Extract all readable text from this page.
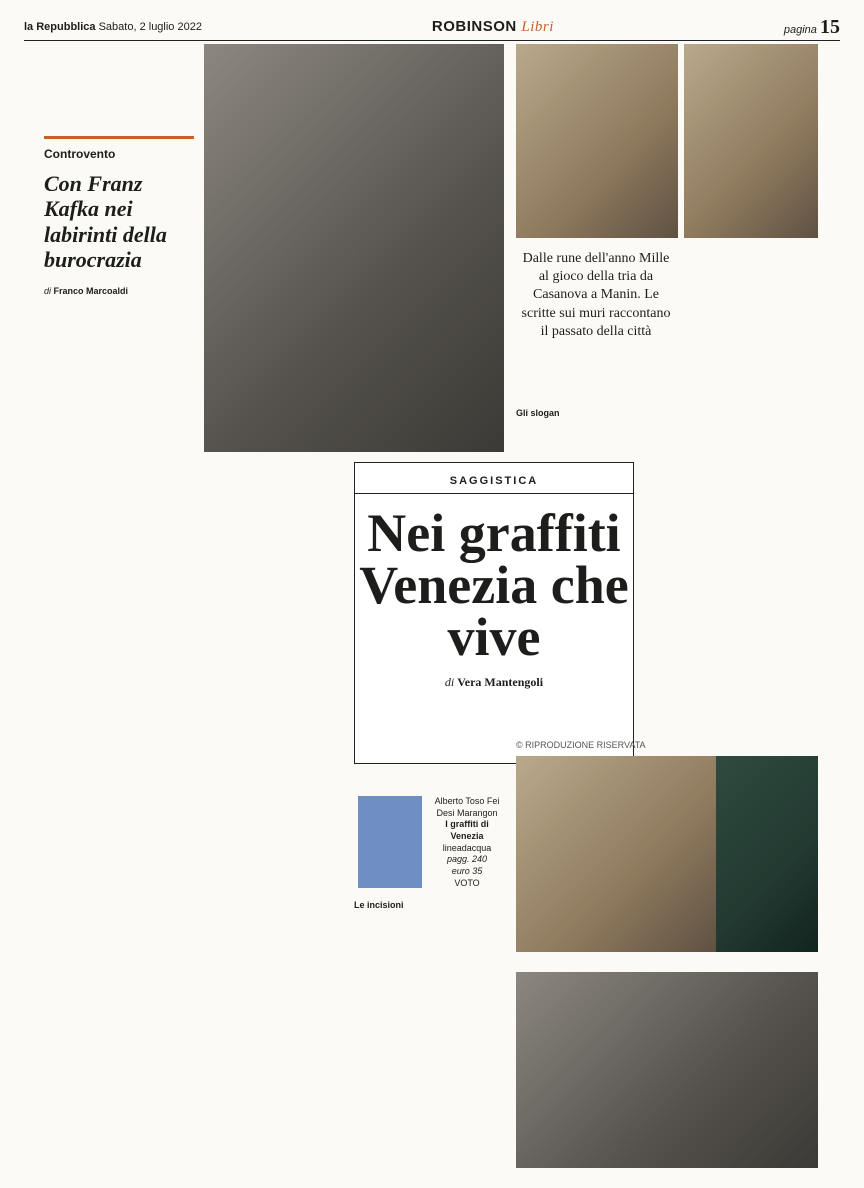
la Repubblica Sabato, 2 luglio 2022	ROBINSON Libri	pagina 15
Controvento
Con Franz Kafka nei labirinti della burocrazia
di Franco Marcoaldi
Dalle rune dell'anno Mille al gioco della tria da Casanova a Manin. Le scritte sui muri raccontano il passato della città
Gli slogan
SAGGISTICA
Nei graffiti Venezia che vive
di Vera Mantengoli
Alberto Toso Fei Desi Marangon
I graffiti di Venezia
lineadacqua
pagg. 240
euro 35
VOTO
Le incisioni
© RIPRODUZIONE RISERVATA
